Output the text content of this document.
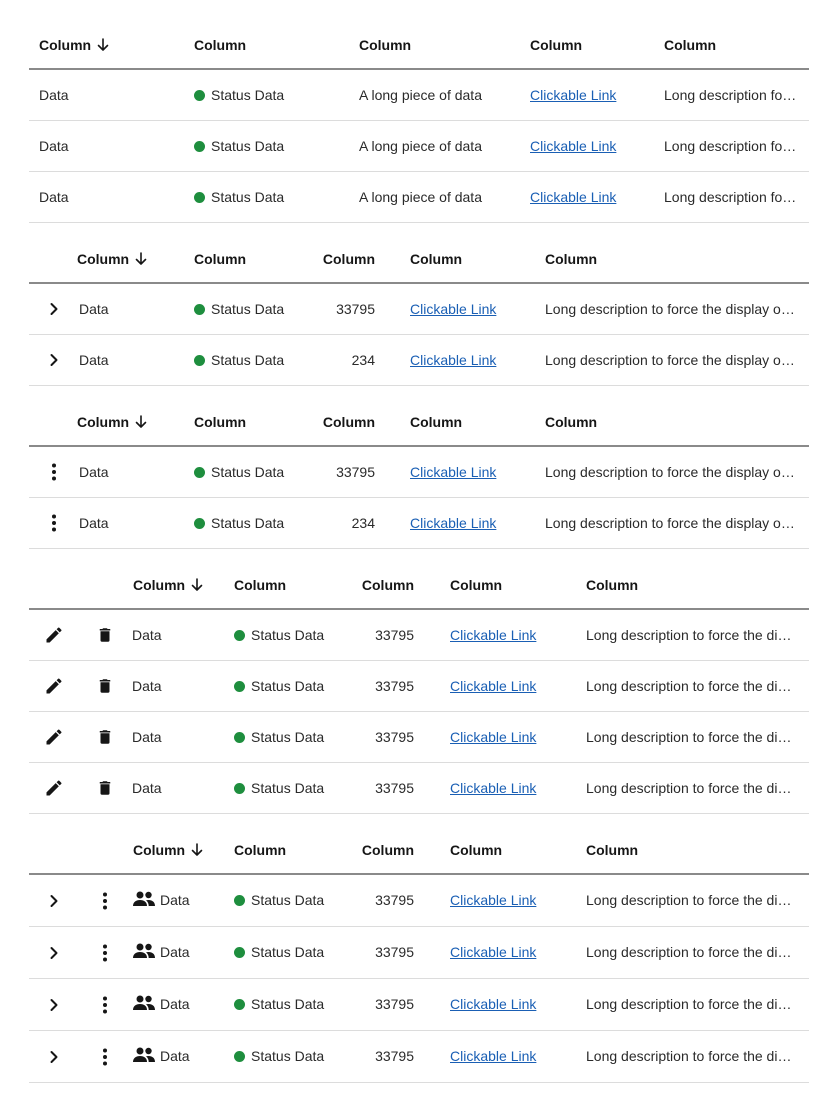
Column	Column	Column	Column	Column
Data	Status Data	A long piece of data	Clickable Link	Long description fo…
Data	Status Data	A long piece of data	Clickable Link	Long description fo…
Data	Status Data	A long piece of data	Clickable Link	Long description fo…
Column	Column	Column	Column	Column
Data	Status Data	33795	Clickable Link	Long description to force the display o…
Data	Status Data	234	Clickable Link	Long description to force the display o…
Column	Column	Column	Column	Column
Data	Status Data	33795	Clickable Link	Long description to force the display o…
Data	Status Data	234	Clickable Link	Long description to force the display o…
Column	Column	Column	Column	Column
Data	Status Data	33795	Clickable Link	Long description to force the di…
Data	Status Data	33795	Clickable Link	Long description to force the di…
Data	Status Data	33795	Clickable Link	Long description to force the di…
Data	Status Data	33795	Clickable Link	Long description to force the di…
Column	Column	Column	Column	Column
Data	Status Data	33795	Clickable Link	Long description to force the di…
Data	Status Data	33795	Clickable Link	Long description to force the di…
Data	Status Data	33795	Clickable Link	Long description to force the di…
Data	Status Data	33795	Clickable Link	Long description to force the di…
